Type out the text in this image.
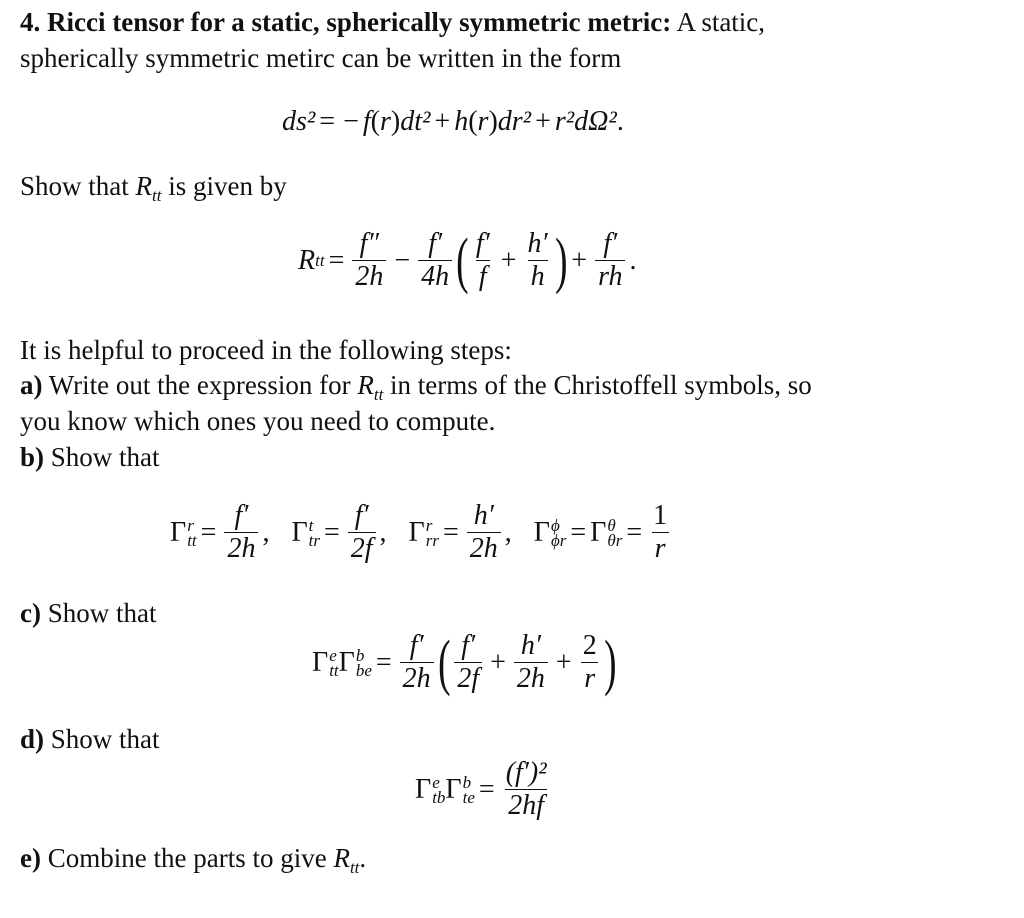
4. Ricci tensor for a static, spherically symmetric metric: A static,
spherically symmetric metirc can be written in the form
ds² = − f ( r ) dt² + h ( r ) dr² + r²dΩ² .
Show that $R_{tt}$ is given by
R tt = $\frac{f''}{2h} - \frac{f'}{4h}$ ( $\frac{f'}{f} + \frac{h'}{h}$ ) + $\frac{f'}{rh}$ .
It is helpful to proceed in the following steps:
a) Write out the expression for $R_{tt}$ in terms of the Christoffell symbols, so
you know which ones you need to compute.
b) Show that
Γ r
tt = $\frac{f'}{2h}$ , Γ t
tr = $\frac{f'}{2f}$ , Γ r
rr = $\frac{h'}{2h}$ , Γ ϕ
ϕr = Γ θ
$\theta r = \frac{1}{r}$
c) Show that
Γ e
tt Γ b
be = $\frac{f'}{2h}$ ( $\frac{f'}{2f} + \frac{h'}{2h} + \frac{2}{r}$ )
d) Show that
Γ e
tb Γ b
te = $\frac{\text{(f′)²}}{2hf}$
e) Combine the parts to give $R_{tt}$.
